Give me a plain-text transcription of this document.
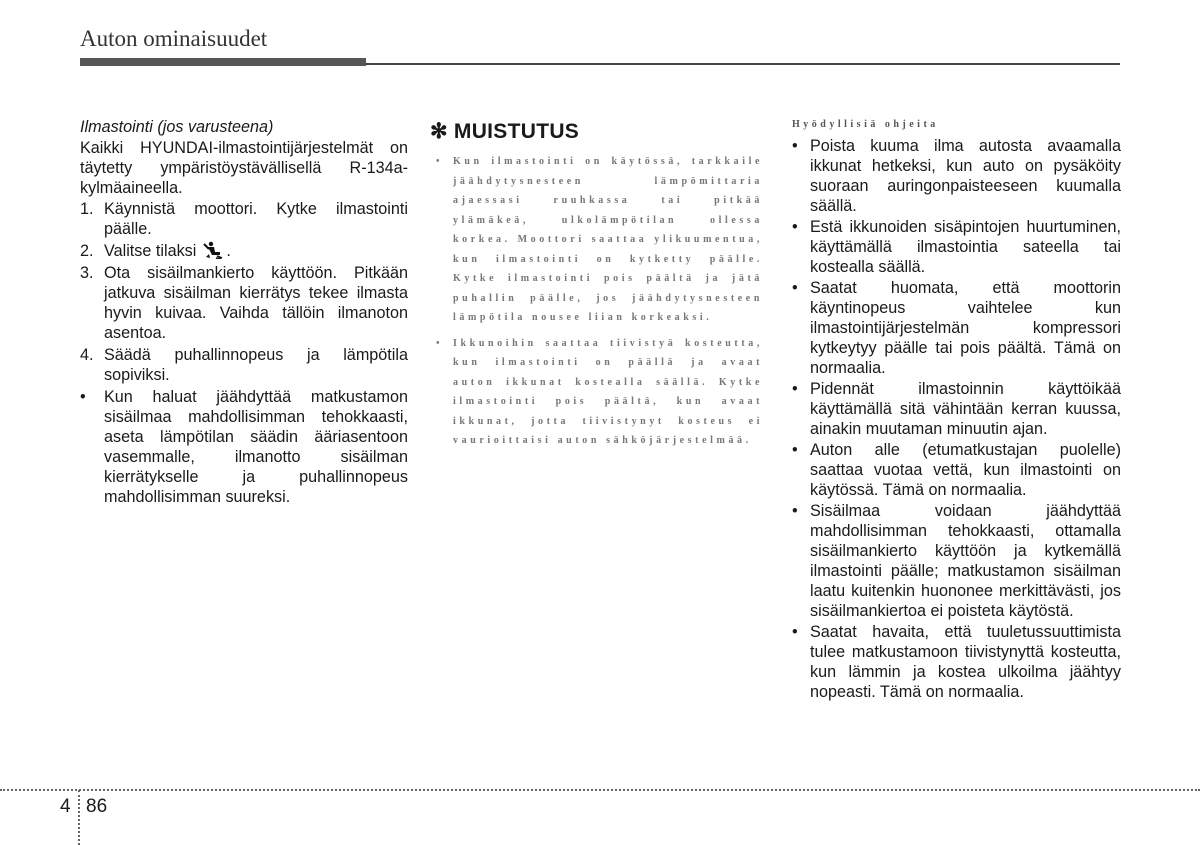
Auton ominaisuudet
Ilmastointi (jos varusteena)
Kaikki HYUNDAI-ilmastointijärjestelmät on täytetty ympäristöystävällisellä R-134a-kylmäaineella.
1. Käynnistä moottori. Kytke ilmastointi päälle.
2. Valitse tilaksi .
3. Ota sisäilmankierto käyttöön. Pitkään jatkuva sisäilman kierrätys tekee ilmasta hyvin kuivaa. Vaihda tällöin ilmanoton asentoa.
4. Säädä puhallinnopeus ja lämpötila sopiviksi.
• Kun haluat jäähdyttää matkustamon sisäilmaa mahdollisimman tehokkaasti, aseta lämpötilan säädin ääriasentoon vasemmalle, ilmanotto sisäilman kierrätykselle ja puhallinnopeus mahdollisimman suureksi.
✻ MUISTUTUS
• Kun ilmastointi on käytössä, tarkkaile jäähdytysnesteen lämpömittaria ajaessasi ruuhkassa tai pitkää ylämäkeä, ulkolämpötilan ollessa korkea. Moottori saattaa ylikuumentua, kun ilmastointi on kytketty päälle. Kytke ilmastointi pois päältä ja jätä puhallin päälle, jos jäähdytysnesteen lämpötila nousee liian korkeaksi.
• Ikkunoihin saattaa tiivistyä kosteutta, kun ilmastointi on päällä ja avaat auton ikkunat kostealla säällä. Kytke ilmastointi pois päältä, kun avaat ikkunat, jotta tiivistynyt kosteus ei vaurioittaisi auton sähköjärjestelmää.
Hyödyllisiä ohjeita
• Poista kuuma ilma autosta avaamalla ikkunat hetkeksi, kun auto on pysäköity suoraan auringonpaisteeseen kuumalla säällä.
• Estä ikkunoiden sisäpintojen huurtuminen, käyttämällä ilmastointia sateella tai kostealla säällä.
• Saatat huomata, että moottorin käyntinopeus vaihtelee kun ilmastointijärjestelmän kompressori kytkeytyy päälle tai pois päältä. Tämä on normaalia.
• Pidennät ilmastoinnin käyttöikää käyttämällä sitä vähintään kerran kuussa, ainakin muutaman minuutin ajan.
• Auton alle (etumatkustajan puolelle) saattaa vuotaa vettä, kun ilmastointi on käytössä. Tämä on normaalia.
• Sisäilmaa voidaan jäähdyttää mahdollisimman tehokkaasti, ottamalla sisäilmankierto käyttöön ja kytkemällä ilmastointi päälle; matkustamon sisäilman laatu kuitenkin huononee merkittävästi, jos sisäilmankiertoa ei poisteta käytöstä.
• Saatat havaita, että tuuletussuuttimista tulee matkustamoon tiivistynyttä kosteutta, kun lämmin ja kostea ulkoilma jäähtyy nopeasti. Tämä on normaalia.
4 86
